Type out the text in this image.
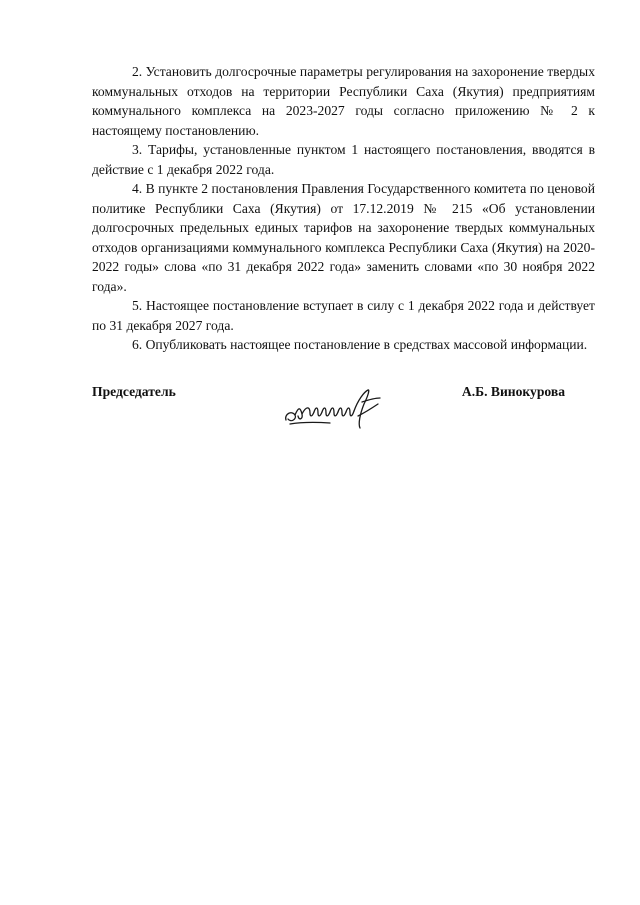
2. Установить долгосрочные параметры регулирования на захоронение твердых коммунальных отходов на территории Республики Саха (Якутия) предприятиям коммунального комплекса на 2023-2027 годы согласно приложению № 2 к настоящему постановлению.

3. Тарифы, установленные пунктом 1 настоящего постановления, вводятся в действие с 1 декабря 2022 года.

4. В пункте 2 постановления Правления Государственного комитета по ценовой политике Республики Саха (Якутия) от 17.12.2019 № 215 «Об установлении долгосрочных предельных единых тарифов на захоронение твердых коммунальных отходов организациями коммунального комплекса Республики Саха (Якутия) на 2020-2022 годы» слова «по 31 декабря 2022 года» заменить словами «по 30 ноября 2022 года».

5. Настоящее постановление вступает в силу с 1 декабря 2022 года и действует по 31 декабря 2027 года.

6. Опубликовать настоящее постановление в средствах массовой информации.

Председатель	А.Б. Винокурова
